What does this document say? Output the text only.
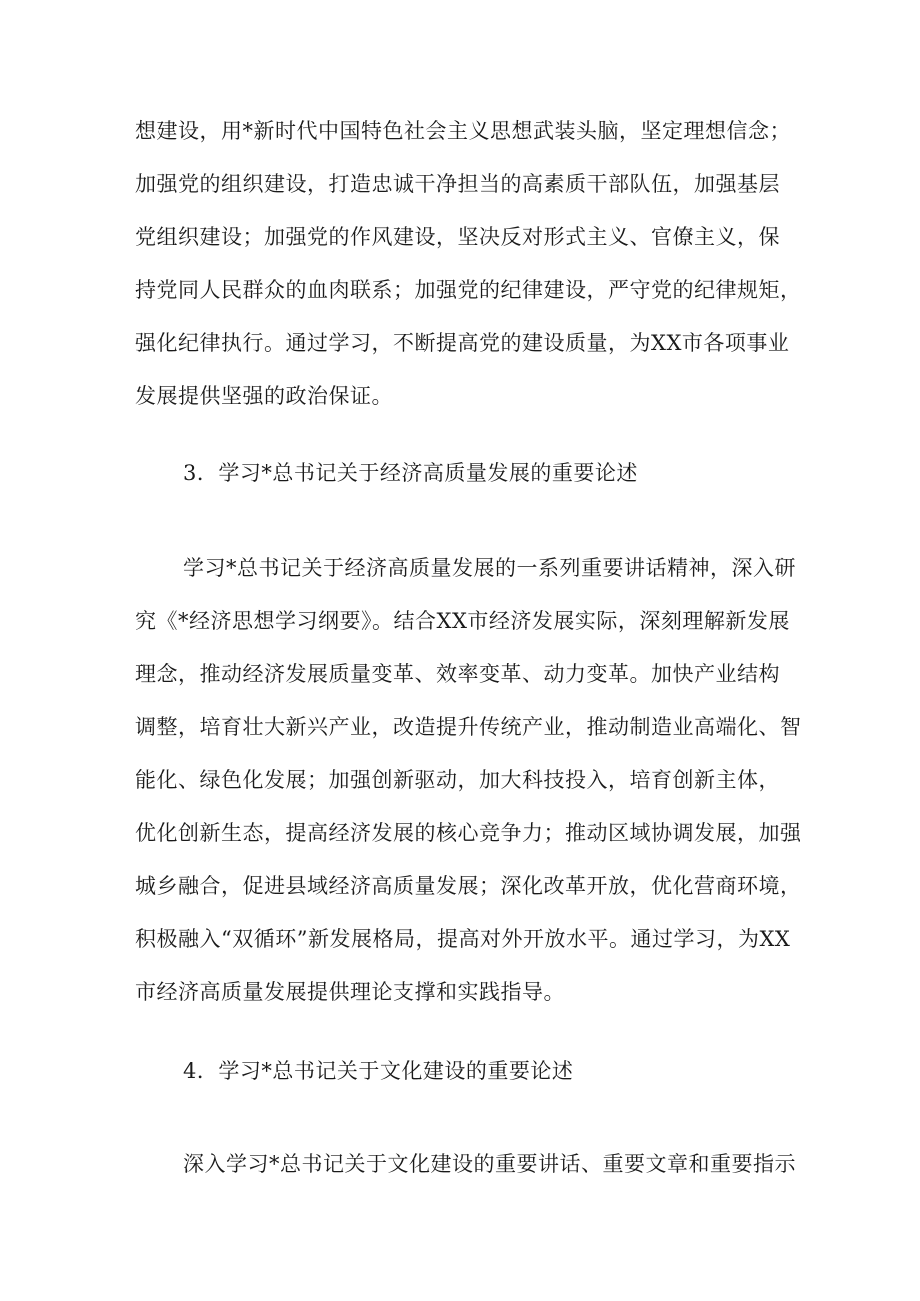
想建设，用*新时代中国特色社会主义思想武装头脑，坚定理想信念；
加强党的组织建设，打造忠诚干净担当的高素质干部队伍，加强基层
党组织建设；加强党的作风建设，坚决反对形式主义、官僚主义，保
持党同人民群众的血肉联系；加强党的纪律建设，严守党的纪律规矩，
强化纪律执行。通过学习，不断提高党的建设质量，为XX市各项事业
发展提供坚强的政治保证。
3．学习*总书记关于经济高质量发展的重要论述
学习*总书记关于经济高质量发展的一系列重要讲话精神，深入研
究《*经济思想学习纲要》。结合XX市经济发展实际，深刻理解新发展
理念，推动经济发展质量变革、效率变革、动力变革。加快产业结构
调整，培育壮大新兴产业，改造提升传统产业，推动制造业高端化、智
能化、绿色化发展；加强创新驱动，加大科技投入，培育创新主体，
优化创新生态，提高经济发展的核心竞争力；推动区域协调发展，加强
城乡融合，促进县域经济高质量发展；深化改革开放，优化营商环境，
积极融入“双循环”新发展格局，提高对外开放水平。通过学习，为XX
市经济高质量发展提供理论支撑和实践指导。
4．学习*总书记关于文化建设的重要论述
深入学习*总书记关于文化建设的重要讲话、重要文章和重要指示
